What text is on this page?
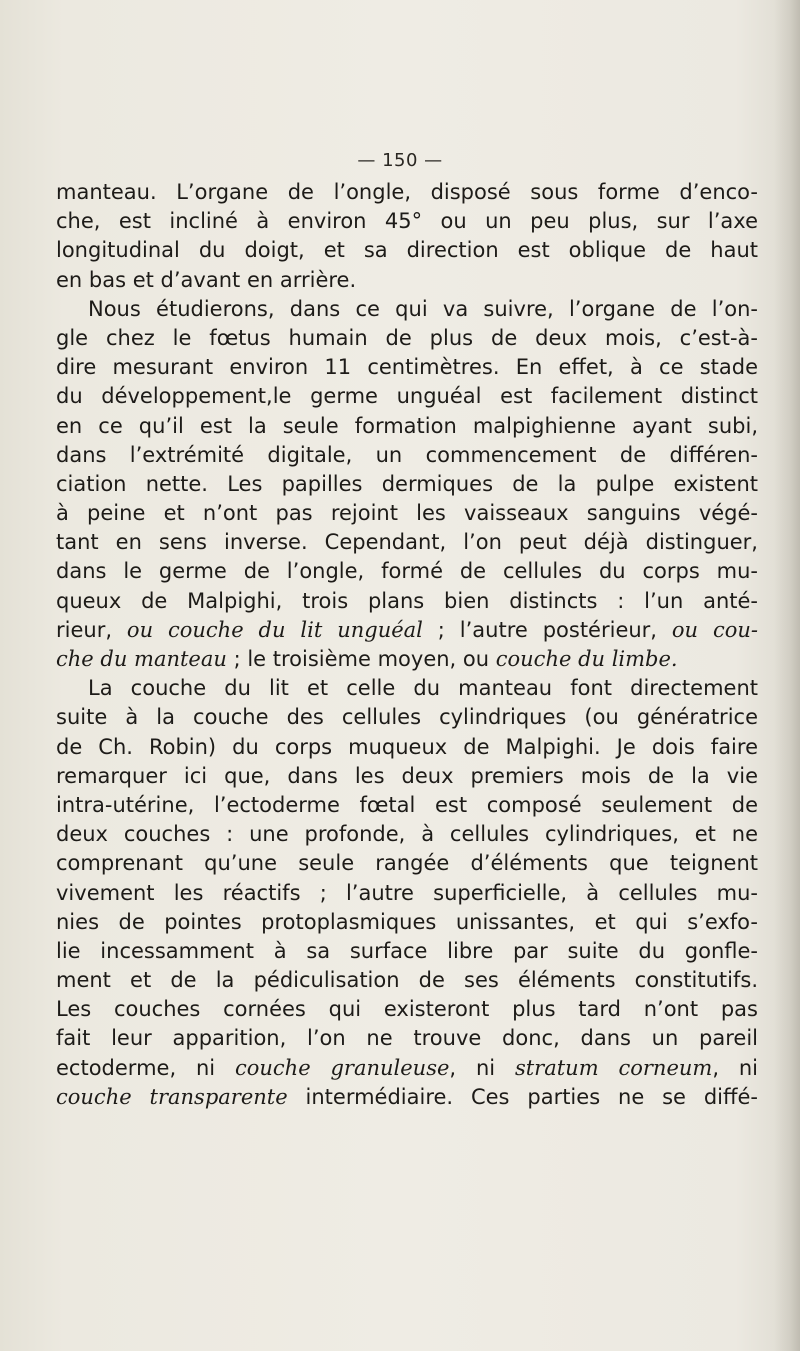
— 150 —
manteau. L’organe de l’ongle, disposé sous forme d’enco-
che, est incliné à environ 45° ou un peu plus, sur l’axe
longitudinal du doigt, et sa direction est oblique de haut
en bas et d’avant en arrière.
Nous étudierons, dans ce qui va suivre, l’organe de l’on-
gle chez le fœtus humain de plus de deux mois, c’est-à-
dire mesurant environ 11 centimètres. En effet, à ce stade
du développement,le germe unguéal est facilement distinct
en ce qu’il est la seule formation malpighienne ayant subi,
dans l’extrémité digitale, un commencement de différen-
ciation nette. Les papilles dermiques de la pulpe existent
à peine et n’ont pas rejoint les vaisseaux sanguins végé-
tant en sens inverse. Cependant, l’on peut déjà distinguer,
dans le germe de l’ongle, formé de cellules du corps mu-
queux de Malpighi, trois plans bien distincts : l’un anté-
rieur, ou couche du lit unguéal ; l’autre postérieur, ou cou-
che du manteau ; le troisième moyen, ou couche du limbe.
La couche du lit et celle du manteau font directement
suite à la couche des cellules cylindriques (ou génératrice
de Ch. Robin) du corps muqueux de Malpighi. Je dois faire
remarquer ici que, dans les deux premiers mois de la vie
intra-utérine, l’ectoderme fœtal est composé seulement de
deux couches : une profonde, à cellules cylindriques, et ne
comprenant qu’une seule rangée d’éléments que teignent
vivement les réactifs ; l’autre superficielle, à cellules mu-
nies de pointes protoplasmiques unissantes, et qui s’exfo-
lie incessamment à sa surface libre par suite du gonfle-
ment et de la pédiculisation de ses éléments constitutifs.
Les couches cornées qui existeront plus tard n’ont pas
fait leur apparition, l’on ne trouve donc, dans un pareil
ectoderme, ni couche granuleuse, ni stratum corneum, ni
couche transparente intermédiaire. Ces parties ne se diffé-
